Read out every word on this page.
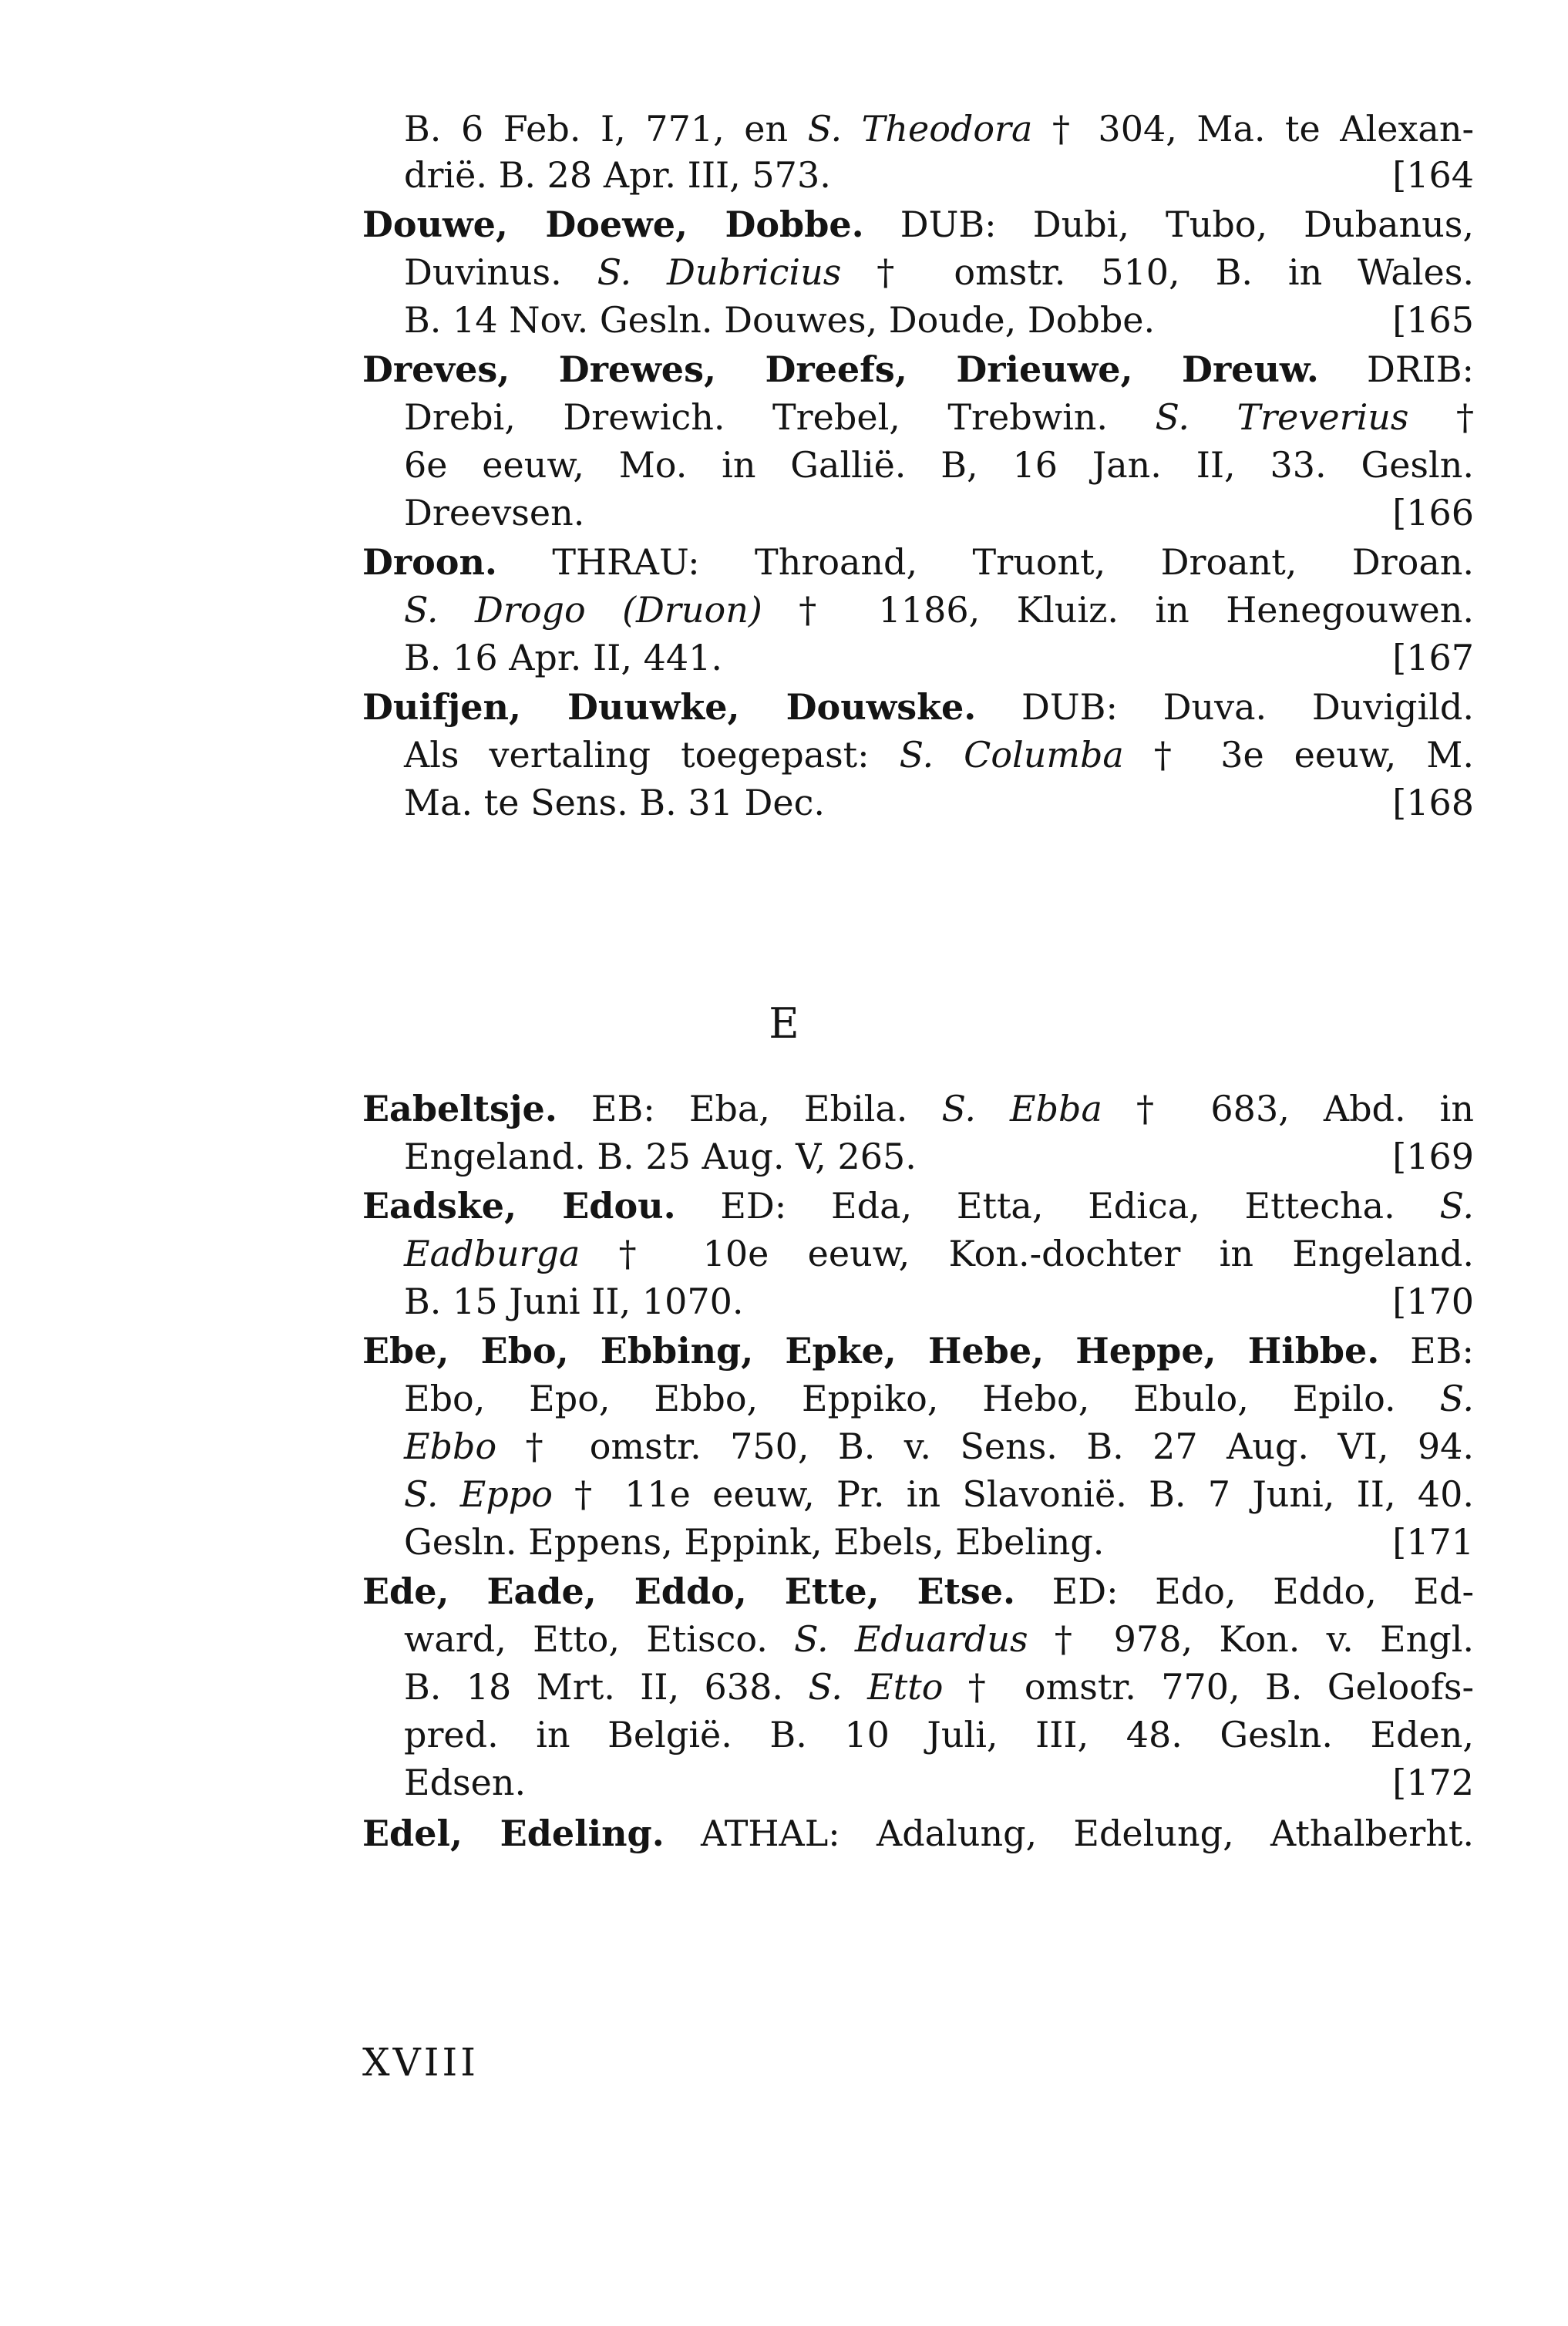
B. 6 Feb. I, 771, en S. Theodora † 304, Ma. te Alexan-
drië. B. 28 Apr. III, 573.	[164
Douwe, Doewe, Dobbe. DUB: Dubi, Tubo, Dubanus,
Duvinus. S. Dubricius † omstr. 510, B. in Wales.
B. 14 Nov. Gesln. Douwes, Doude, Dobbe.	[165
Dreves, Drewes, Dreefs, Drieuwe, Dreuw. DRIB:
Drebi, Drewich. Trebel, Trebwin. S. Treverius †
6e eeuw, Mo. in Gallië. B, 16 Jan. II, 33. Gesln.
Dreevsen.	[166
Droon. THRAU: Throand, Truont, Droant, Droan.
S. Drogo (Druon) † 1186, Kluiz. in Henegouwen.
B. 16 Apr. II, 441.	[167
Duifjen, Duuwke, Douwske. DUB: Duva. Duvigild.
Als vertaling toegepast: S. Columba † 3e eeuw, M.
Ma. te Sens. B. 31 Dec.	[168
E
Eabeltsje. EB: Eba, Ebila. S. Ebba † 683, Abd. in
Engeland. B. 25 Aug. V, 265.	[169
Eadske, Edou. ED: Eda, Etta, Edica, Ettecha. S.
Eadburga † 10e eeuw, Kon.-dochter in Engeland.
B. 15 Juni II, 1070.	[170
Ebe, Ebo, Ebbing, Epke, Hebe, Heppe, Hibbe. EB:
Ebo, Epo, Ebbo, Eppiko, Hebo, Ebulo, Epilo. S.
Ebbo † omstr. 750, B. v. Sens. B. 27 Aug. VI, 94.
S. Eppo † 11e eeuw, Pr. in Slavonië. B. 7 Juni, II, 40.
Gesln. Eppens, Eppink, Ebels, Ebeling.	[171
Ede, Eade, Eddo, Ette, Etse. ED: Edo, Eddo, Ed-
ward, Etto, Etisco. S. Eduardus † 978, Kon. v. Engl.
B. 18 Mrt. II, 638. S. Etto † omstr. 770, B. Geloofs-
pred. in België. B. 10 Juli, III, 48. Gesln. Eden,
Edsen.	[172
Edel, Edeling. ATHAL: Adalung, Edelung, Athalberht.
XVIII
